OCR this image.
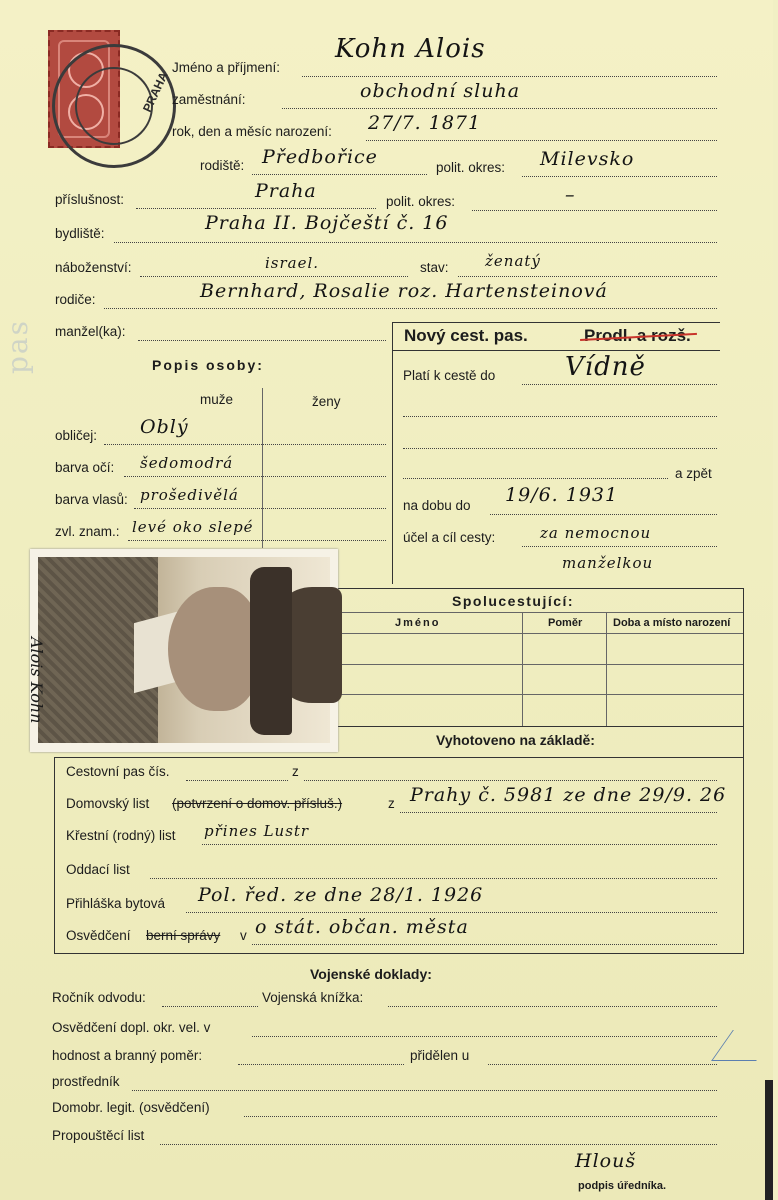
pas
PRAHA
Jméno a příjmení:
Kohn Alois
zaměstnání:	obchodní sluha
rok, den a měsíc narození: 27/7. 1871
rodiště: Předbořice	polit. okres: Milevsko
příslušnost:	Praha	polit. okres:	–
bydliště:	Praha II. Bojčeští č. 16
náboženství:	israel.	stav: ženatý
rodiče:	Bernhard, Rosalie roz. Hartensteinová
manžel(ka):
Popis osoby:
muže	ženy
obličej: Oblý
barva očí: šedomodrá
barva vlasů: prošedivělá
zvl. znam.: levé oko slepé
Nový cest. pas.	Prodl. a rozš.
Platí k cestě do	Vídně
a zpět
na dobu do 19/6. 1931
účel a cíl cesty:	za nemocnou
manželkou
Spolucestující:
Jméno	Poměr	Doba a místo narození
Alois Kohn
Vyhotoveno na základě:
Cestovní pas čís.	z
Domovský list (potvrzení o domov. přísluš.)	z Prahy č. 5981 ze dne 29/9. 26
Křestní (rodný) list přines Lustr
Oddací list
Přihláška bytová Pol. řed. ze dne 28/1. 1926
Osvědčení berní správy v o stát. občan. města
Vojenské doklady:
Ročník odvodu:	Vojenská knížka:
Osvědčení dopl. okr. vel. v
hodnost a branný poměr:	přidělen u
prostředník
Domobr. legit. (osvědčení)
Propouštěcí list
Hlouš
podpis úředníka.
